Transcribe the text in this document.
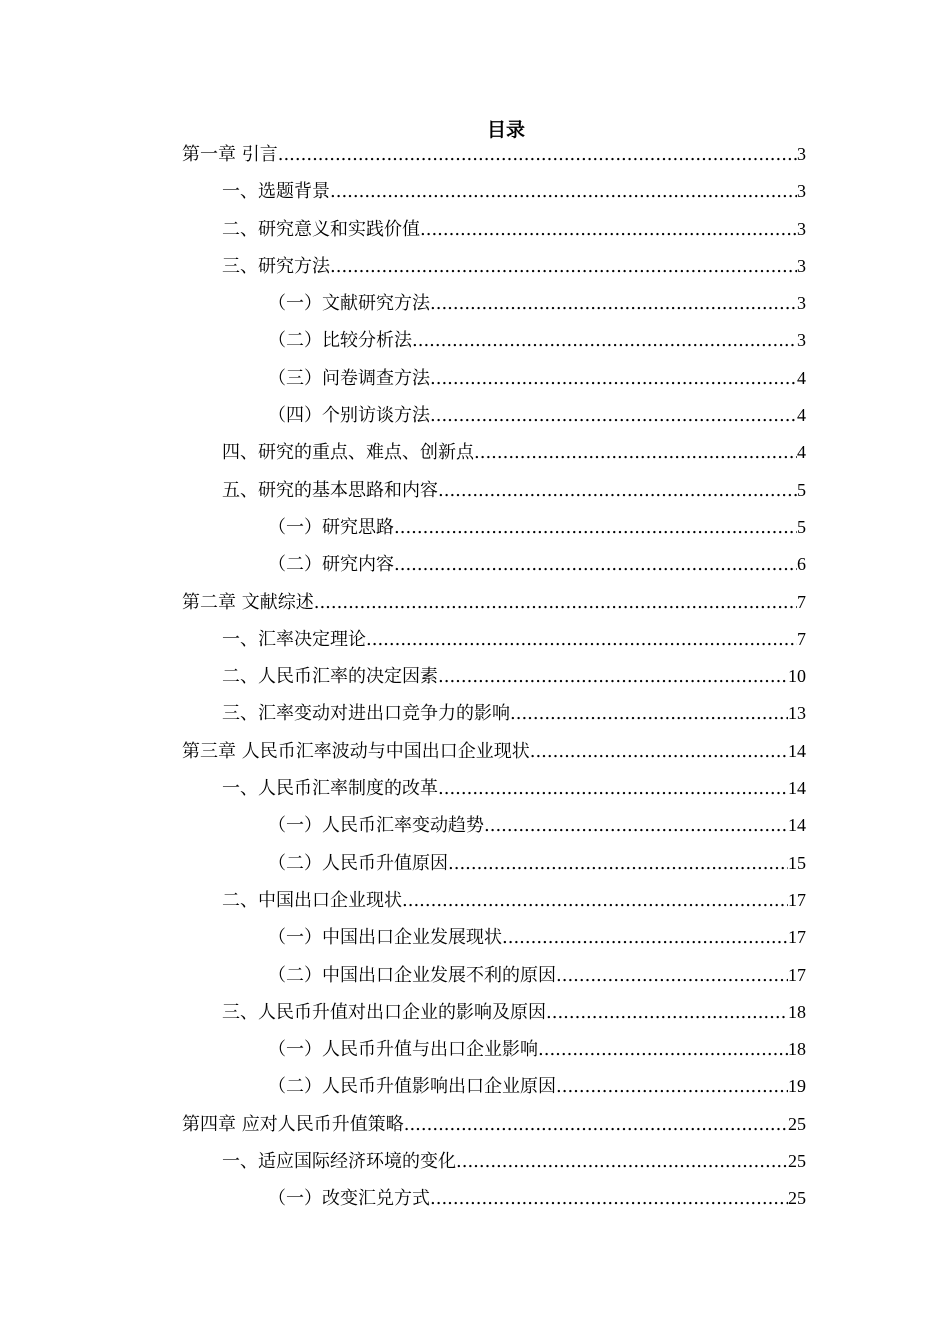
目录
第一章 引言 .....	3
一、选题背景 .....	3
二、研究意义和实践价值 .....	3
三、研究方法 .....	3
（一）文献研究方法 .....	3
（二）比较分析法 .....	3
（三）问卷调查方法 .....	4
（四）个别访谈方法 .....	4
四、研究的重点、难点、创新点 .....	4
五、研究的基本思路和内容 .....	5
（一）研究思路 .....	5
（二）研究内容 .....	6
第二章 文献综述 .....	7
一、汇率决定理论 .....	7
二、人民币汇率的决定因素 .....	10
三、汇率变动对进出口竞争力的影响 .....	13
第三章 人民币汇率波动与中国出口企业现状 .....	14
一、人民币汇率制度的改革 .....	14
（一）人民币汇率变动趋势 .....	14
（二）人民币升值原因 .....	15
二、中国出口企业现状 .....	17
（一）中国出口企业发展现状 .....	17
（二）中国出口企业发展不利的原因 .....	17
三、人民币升值对出口企业的影响及原因 .....	18
（一）人民币升值与出口企业影响 .....	18
（二）人民币升值影响出口企业原因 .....	19
第四章 应对人民币升值策略 .....	25
一、适应国际经济环境的变化 .....	25
（一）改变汇兑方式 .....	25
